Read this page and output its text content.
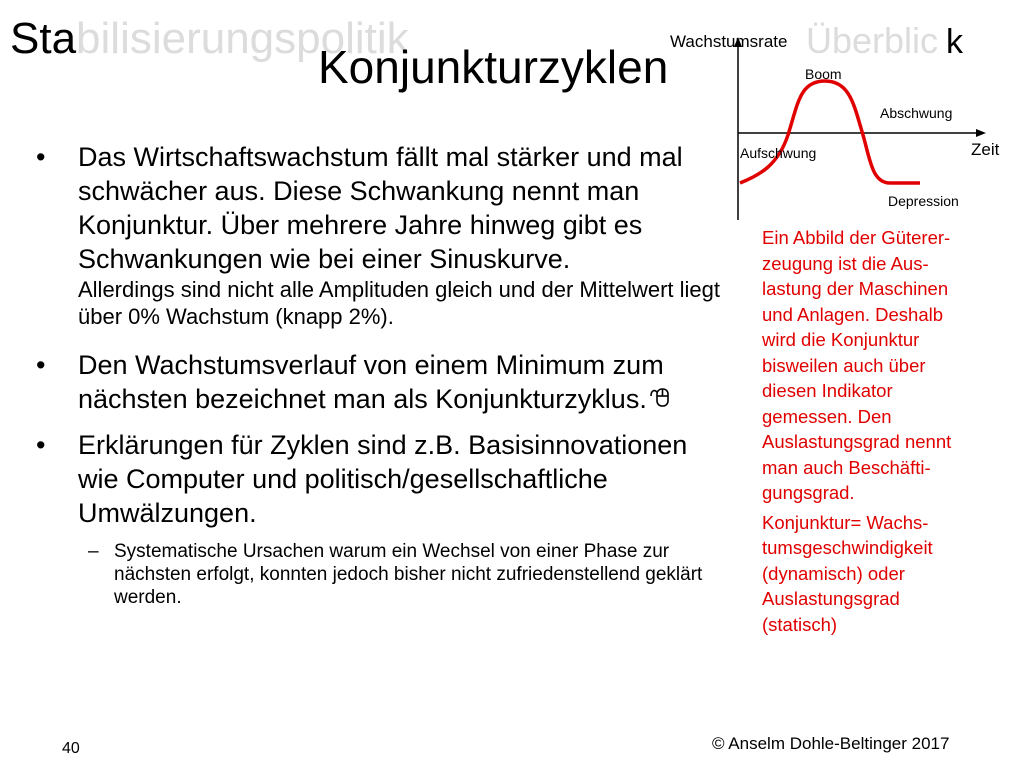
Stabilisierungspolitik	Überblic k
Konjunkturzyklen Wachstumsrate
Zeit
Boom
Abschwung
Aufschwung
Depression
• Das Wirtschaftswachstum fällt mal stärker und mal schwächer aus. Diese Schwankung nennt man Konjunktur. Über mehrere Jahre hinweg gibt es Schwankungen wie bei einer Sinuskurve.
Allerdings sind nicht alle Amplituden gleich und der Mittelwert liegt über 0% Wachstum (knapp 2%).
• Den Wachstumsverlauf von einem Minimum zum nächsten bezeichnet man als Konjunkturzyklus.
• Erklärungen für Zyklen sind z.B. Basisinnovationen wie Computer und politisch/gesellschaftliche Umwälzungen.
– Systematische Ursachen warum ein Wechsel von einer Phase zur nächsten erfolgt, konnten jedoch bisher nicht zufriedenstellend geklärt werden.

Ein Abbild der Güterer-
zeugung ist die Aus-
lastung der Maschinen
und Anlagen. Deshalb
wird die Konjunktur
bisweilen auch über
diesen Indikator
gemessen. Den
Auslastungsgrad nennt
man auch Beschäfti-
gungsgrad.

Konjunktur= Wachs-
tumsgeschwindigkeit
(dynamisch) oder
Auslastungsgrad
(statisch)

40	© Anselm Dohle-Beltinger 2017
